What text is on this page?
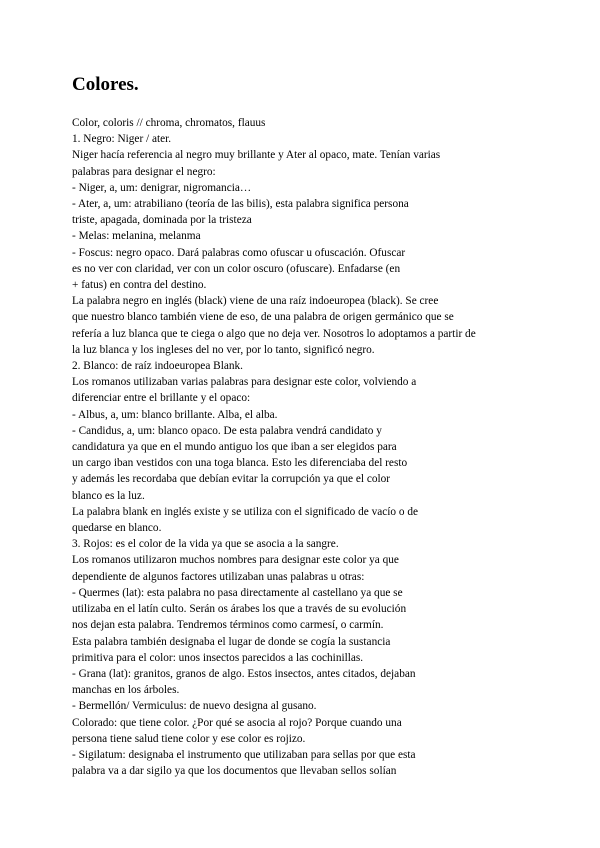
Colores.
Color, coloris // chroma, chromatos, flauus
1. Negro: Niger / ater.
Niger hacía referencia al negro muy brillante y Ater al opaco, mate. Tenían varias
palabras para designar el negro:
- Niger, a, um: denigrar, nigromancia…
- Ater, a, um: atrabiliano (teoría de las bilis), esta palabra significa persona
triste, apagada, dominada por la tristeza
- Melas: melanina, melanma
- Foscus: negro opaco. Dará palabras como ofuscar u ofuscación. Ofuscar
es no ver con claridad, ver con un color oscuro (ofuscare). Enfadarse (en
+ fatus) en contra del destino.
La palabra negro en inglés (black) viene de una raíz indoeuropea (black). Se cree
que nuestro blanco también viene de eso, de una palabra de origen germánico que se
refería a luz blanca que te ciega o algo que no deja ver. Nosotros lo adoptamos a partir de
la luz blanca y los ingleses del no ver, por lo tanto, significó negro.
2. Blanco: de raíz indoeuropea Blank.
Los romanos utilizaban varias palabras para designar este color, volviendo a
diferenciar entre el brillante y el opaco:
- Albus, a, um: blanco brillante. Alba, el alba.
- Candidus, a, um: blanco opaco. De esta palabra vendrá candidato y
candidatura ya que en el mundo antiguo los que iban a ser elegidos para
un cargo iban vestidos con una toga blanca. Esto les diferenciaba del resto
y además les recordaba que debían evitar la corrupción ya que el color
blanco es la luz.
La palabra blank en inglés existe y se utiliza con el significado de vacío o de
quedarse en blanco.
3. Rojos: es el color de la vida ya que se asocia a la sangre.
Los romanos utilizaron muchos nombres para designar este color ya que
dependiente de algunos factores utilizaban unas palabras u otras:
- Quermes (lat): esta palabra no pasa directamente al castellano ya que se
utilizaba en el latín culto. Serán os árabes los que a través de su evolución
nos dejan esta palabra. Tendremos términos como carmesí, o carmín.
Esta palabra también designaba el lugar de donde se cogía la sustancia
primitiva para el color: unos insectos parecidos a las cochinillas.
- Grana (lat): granitos, granos de algo. Estos insectos, antes citados, dejaban
manchas en los árboles.
- Bermellón/ Vermiculus: de nuevo designa al gusano.
Colorado: que tiene color. ¿Por qué se asocia al rojo? Porque cuando una
persona tiene salud tiene color y ese color es rojizo.
- Sigilatum: designaba el instrumento que utilizaban para sellas por que esta
palabra va a dar sigilo ya que los documentos que llevaban sellos solían
